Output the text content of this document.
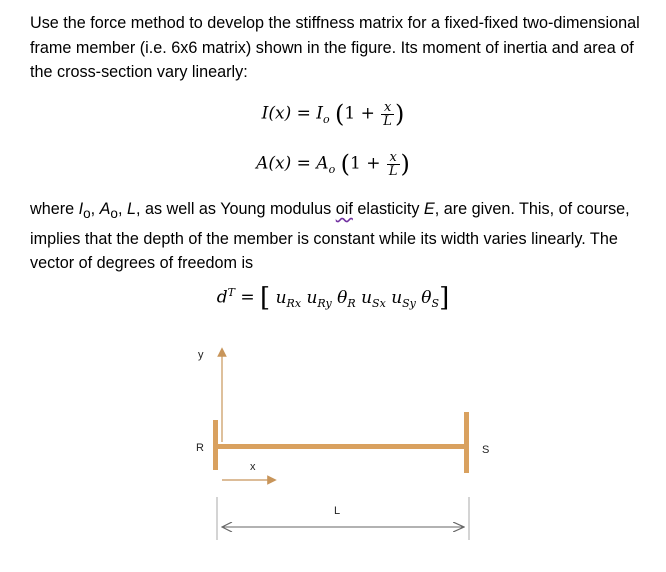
Use the force method to develop the stiffness matrix for a fixed-fixed two-dimensional frame member (i.e. 6x6 matrix) shown in the figure. Its moment of inertia and area of the cross-section vary linearly:

$I(x) = I_o$ ($1 + \frac{x}{L}$ )
$A(x) = A_o$ ($1 + \frac{x}{L}$ )

where $I_o$, $A_o$, L, as well as Young modulus oif elasticity E, are given. This, of course, implies that the depth of the member is constant while its width varies linearly. The vector of degrees of freedom is

$d^T$ = [ $u_{Rx}$ $u_{Ry}$ $\theta_R$ $u_{Sx}$ $u_{Sy}$ $\theta_S$]
y
x
R	S
L
